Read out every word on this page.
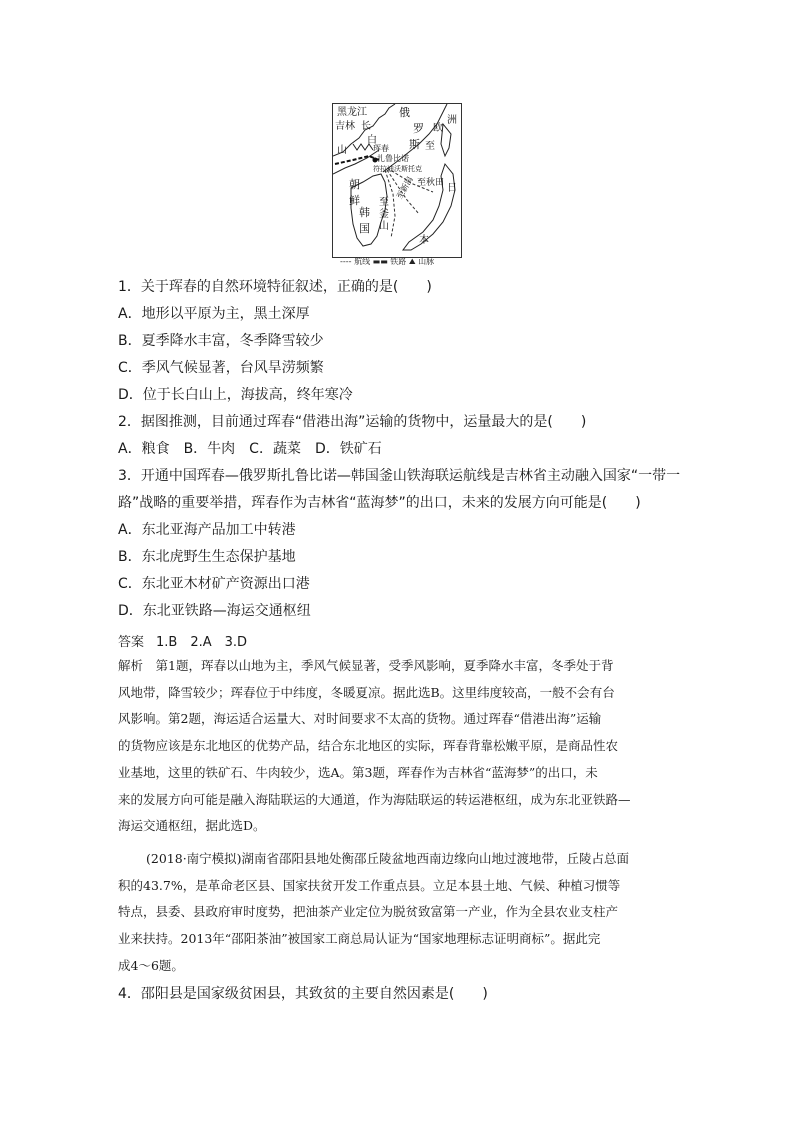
黑龙江	俄
罗
斯
洲
欧
吉林 长
白
山	珲春
扎鲁比诺
符拉迪沃斯托克
朝
鲜
韩
国
至
至秋田 日
至
釜
山
至新潟
本
---- 航线 ▬▬ 铁路 ⛰ 山脉
1．关于珲春的自然环境特征叙述，正确的是(　　)
A．地形以平原为主，黑土深厚
B．夏季降水丰富，冬季降雪较少
C．季风气候显著，台风旱涝频繁
D．位于长白山上，海拔高，终年寒冷
2．据图推测，目前通过珲春“借港出海”运输的货物中，运量最大的是(　　)
A．粮食　B．牛肉　C．蔬菜　D．铁矿石
3．开通中国珲春—俄罗斯扎鲁比诺—韩国釜山铁海联运航线是吉林省主动融入国家“一带一
路”战略的重要举措，珲春作为吉林省“蓝海梦”的出口，未来的发展方向可能是(　　)
A．东北亚海产品加工中转港
B．东北虎野生生态保护基地
C．东北亚木材矿产资源出口港
D．东北亚铁路—海运交通枢纽
答案 1.B　2.A　3.D
解析　第1题，珲春以山地为主，季风气候显著，受季风影响，夏季降水丰富，冬季处于背
风地带，降雪较少；珲春位于中纬度，冬暖夏凉。据此选B。这里纬度较高，一般不会有台
风影响。第2题，海运适合运量大、对时间要求不太高的货物。通过珲春“借港出海”运输
的货物应该是东北地区的优势产品，结合东北地区的实际，珲春背靠松嫩平原，是商品性农
业基地，这里的铁矿石、牛肉较少，选A。第3题，珲春作为吉林省“蓝海梦”的出口，未
来的发展方向可能是融入海陆联运的大通道，作为海陆联运的转运港枢纽，成为东北亚铁路—
海运交通枢纽，据此选D。
(2018·南宁模拟)湖南省邵阳县地处衡邵丘陵盆地西南边缘向山地过渡地带，丘陵占总面
积的43.7%，是革命老区县、国家扶贫开发工作重点县。立足本县土地、气候、种植习惯等
特点，县委、县政府审时度势，把油茶产业定位为脱贫致富第一产业，作为全县农业支柱产
业来扶持。2013年“邵阳茶油”被国家工商总局认证为“国家地理标志证明商标”。据此完
成4～6题。
4．邵阳县是国家级贫困县，其致贫的主要自然因素是(　　)
